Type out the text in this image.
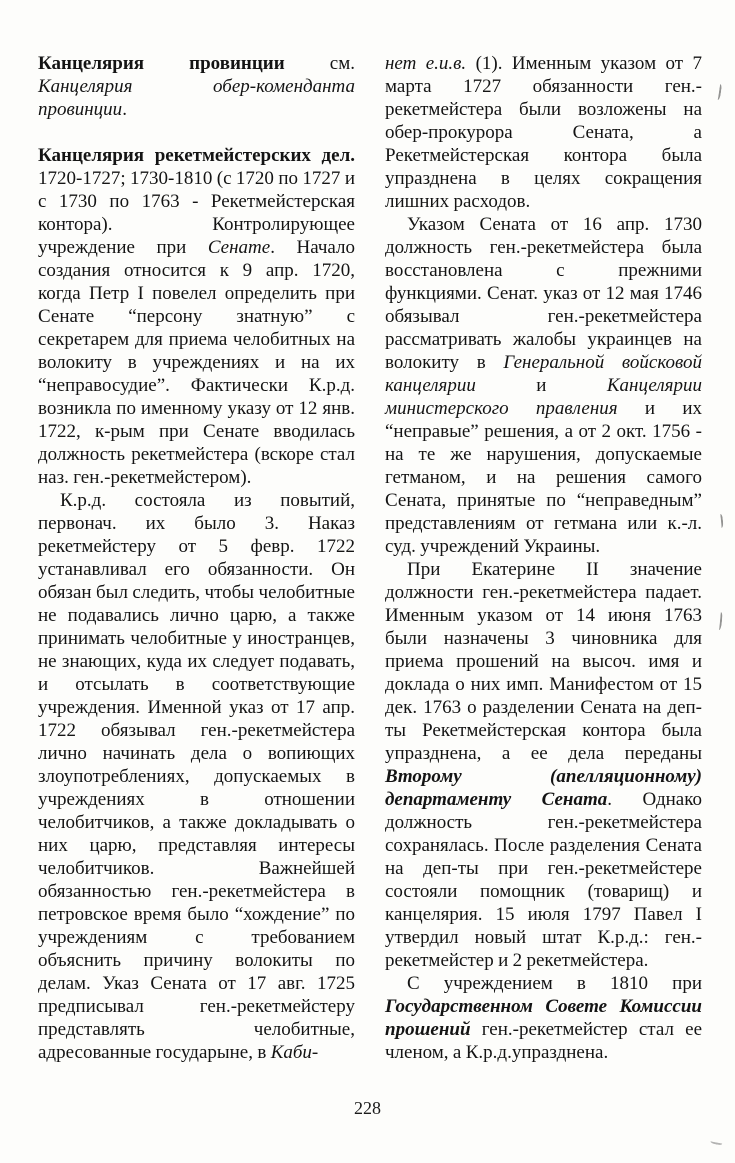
Канцелярия провинции см. Канцелярия обер-коменданта провинции.

Канцелярия рекетмейстерских дел. 1720-1727; 1730-1810 (с 1720 по 1727 и с 1730 по 1763 - Рекетмейстерская контора). Контролирующее учреждение при Сенате. Начало создания относится к 9 апр. 1720, когда Петр I повелел определить при Сенате “персону знатную” с секретарем для приема челобитных на волокиту в учреждениях и на их “неправосудие”. Фактически К.р.д. возникла по именному указу от 12 янв. 1722, к-рым при Сенате вводилась должность рекетмейстера (вскоре стал наз. ген.-рекетмейстером).

К.р.д. состояла из повытий, первонач. их было 3. Наказ рекетмейстеру от 5 февр. 1722 устанавливал его обязанности. Он обязан был следить, чтобы челобитные не подавались лично царю, а также принимать челобитные у иностранцев, не знающих, куда их следует подавать, и отсылать в соответствующие учреждения. Именной указ от 17 апр. 1722 обязывал ген.-рекетмейстера лично начинать дела о вопиющих злоупотреблениях, допускаемых в учреждениях в отношении челобитчиков, а также докладывать о них царю, представляя интересы челобитчиков. Важнейшей обязанностью ген.-рекетмейстера в петровское время было “хождение” по учреждениям с требованием объяснить причину волокиты по делам. Указ Сената от 17 авг. 1725 предписывал ген.-рекетмейстеру представлять челобитные, адресованные государыне, в Каби-

нет е.и.в. (1). Именным указом от 7 марта 1727 обязанности ген.-рекетмейстера были возложены на обер-прокурора Сената, а Рекетмейстерская контора была упразднена в целях сокращения лишних расходов.

Указом Сената от 16 апр. 1730 должность ген.-рекетмейстера была восстановлена с прежними функциями. Сенат. указ от 12 мая 1746 обязывал ген.-рекетмейстера рассматривать жалобы украинцев на волокиту в Генеральной войсковой канцелярии и Канцелярии министерского правления и их “неправые” решения, а от 2 окт. 1756 - на те же нарушения, допускаемые гетманом, и на решения самого Сената, принятые по “неправедным” представлениям от гетмана или к.-л. суд. учреждений Украины.

При Екатерине II значение должности ген.-рекетмейстера падает. Именным указом от 14 июня 1763 были назначены 3 чиновника для приема прошений на высоч. имя и доклада о них имп. Манифестом от 15 дек. 1763 о разделении Сената на деп-ты Рекетмейстерская контора была упразднена, а ее дела переданы Второму (апелляционному) департаменту Сената. Однако должность ген.-рекетмейстера сохранялась. После разделения Сената на деп-ты при ген.-рекетмейстере состояли помощник (товарищ) и канцелярия. 15 июля 1797 Павел I утвердил новый штат К.р.д.: ген.-рекетмейстер и 2 рекетмейстера.

С учреждением в 1810 при Государственном Совете Комиссии прошений ген.-рекетмейстер стал ее членом, а К.р.д.упразднена.

228
